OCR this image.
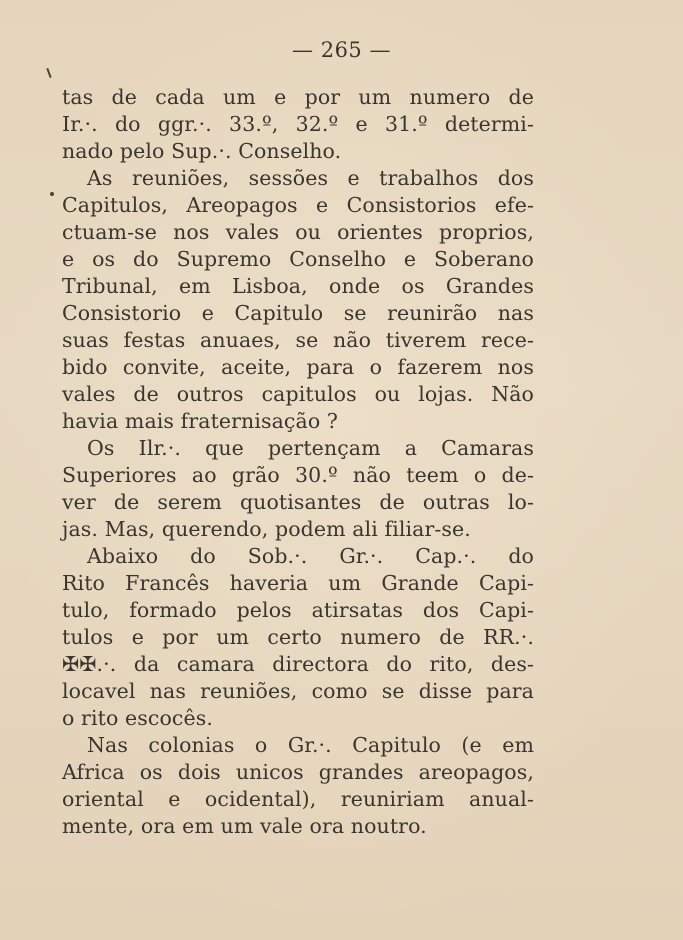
— 265 —
tas de cada um e por um numero de
Ir.·. do ggr.·. 33.º, 32.º e 31.º determi-
nado pelo Sup.·. Conselho.
As reuniões, sessões e trabalhos dos
Capitulos, Areopagos e Consistorios efe-
ctuam-se nos vales ou orientes proprios,
e os do Supremo Conselho e Soberano
Tribunal, em Lisboa, onde os Grandes
Consistorio e Capitulo se reunirão nas
suas festas anuaes, se não tiverem rece-
bido convite, aceite, para o fazerem nos
vales de outros capitulos ou lojas. Não
havia mais fraternisação ?
Os Ilr.·. que pertençam a Camaras
Superiores ao grão 30.º não teem o de-
ver de serem quotisantes de outras lo-
jas. Mas, querendo, podem ali filiar-se.
Abaixo do Sob.·. Gr.·. Cap.·. do
Rito Francês haveria um Grande Capi-
tulo, formado pelos atirsatas dos Capi-
tulos e por um certo numero de RR.·.
✠✠.·. da camara directora do rito, des-
locavel nas reuniões, como se disse para
o rito escocês.
Nas colonias o Gr.·. Capitulo (e em
Africa os dois unicos grandes areopagos,
oriental e ocidental), reuniriam anual-
mente, ora em um vale ora noutro.
